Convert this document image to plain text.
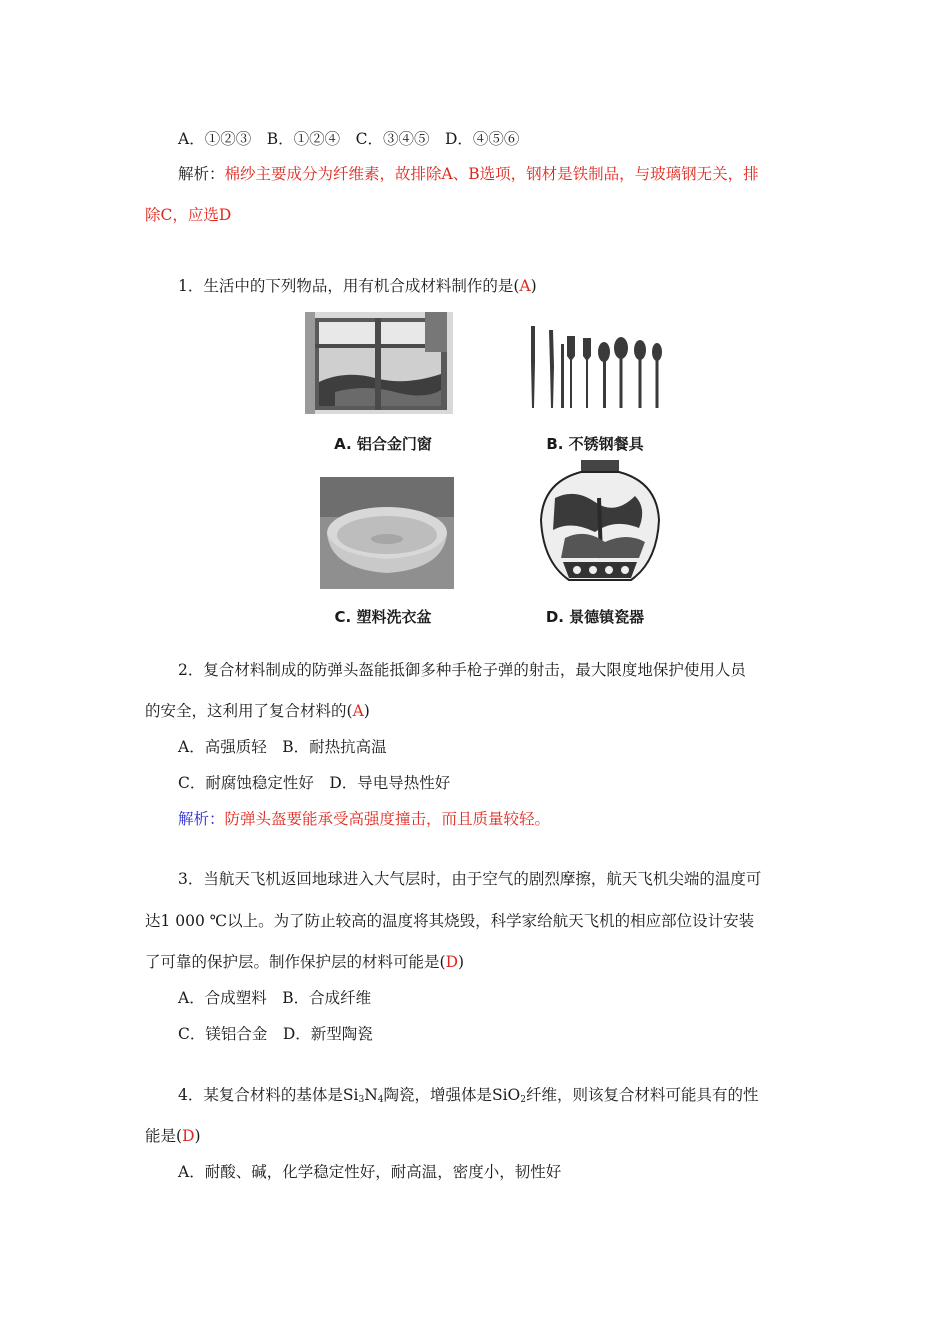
A．①②③　B．①②④　C．③④⑤　D．④⑤⑥
解析：棉纱主要成分为纤维素，故排除A、B选项，钢材是铁制品，与玻璃钢无关，排
除C，应选D
1．生活中的下列物品，用有机合成材料制作的是(A)
A. 铝合金门窗	B. 不锈钢餐具
C. 塑料洗衣盆	D. 景德镇瓷器
2．复合材料制成的防弹头盔能抵御多种手枪子弹的射击，最大限度地保护使用人员
的安全，这利用了复合材料的(A)
A．高强质轻　B．耐热抗高温
C．耐腐蚀稳定性好　D．导电导热性好
解析：防弹头盔要能承受高强度撞击，而且质量较轻。
3．当航天飞机返回地球进入大气层时，由于空气的剧烈摩擦，航天飞机尖端的温度可
达1 000 ℃以上。为了防止较高的温度将其烧毁，科学家给航天飞机的相应部位设计安装
了可靠的保护层。制作保护层的材料可能是(D)
A．合成塑料　B．合成纤维
C．镁铝合金　D．新型陶瓷
4．某复合材料的基体是$Si_3N_4$陶瓷，增强体是SiO$_2$纤维，则该复合材料可能具有的性
能是(D)
A．耐酸、碱，化学稳定性好，耐高温，密度小，韧性好
